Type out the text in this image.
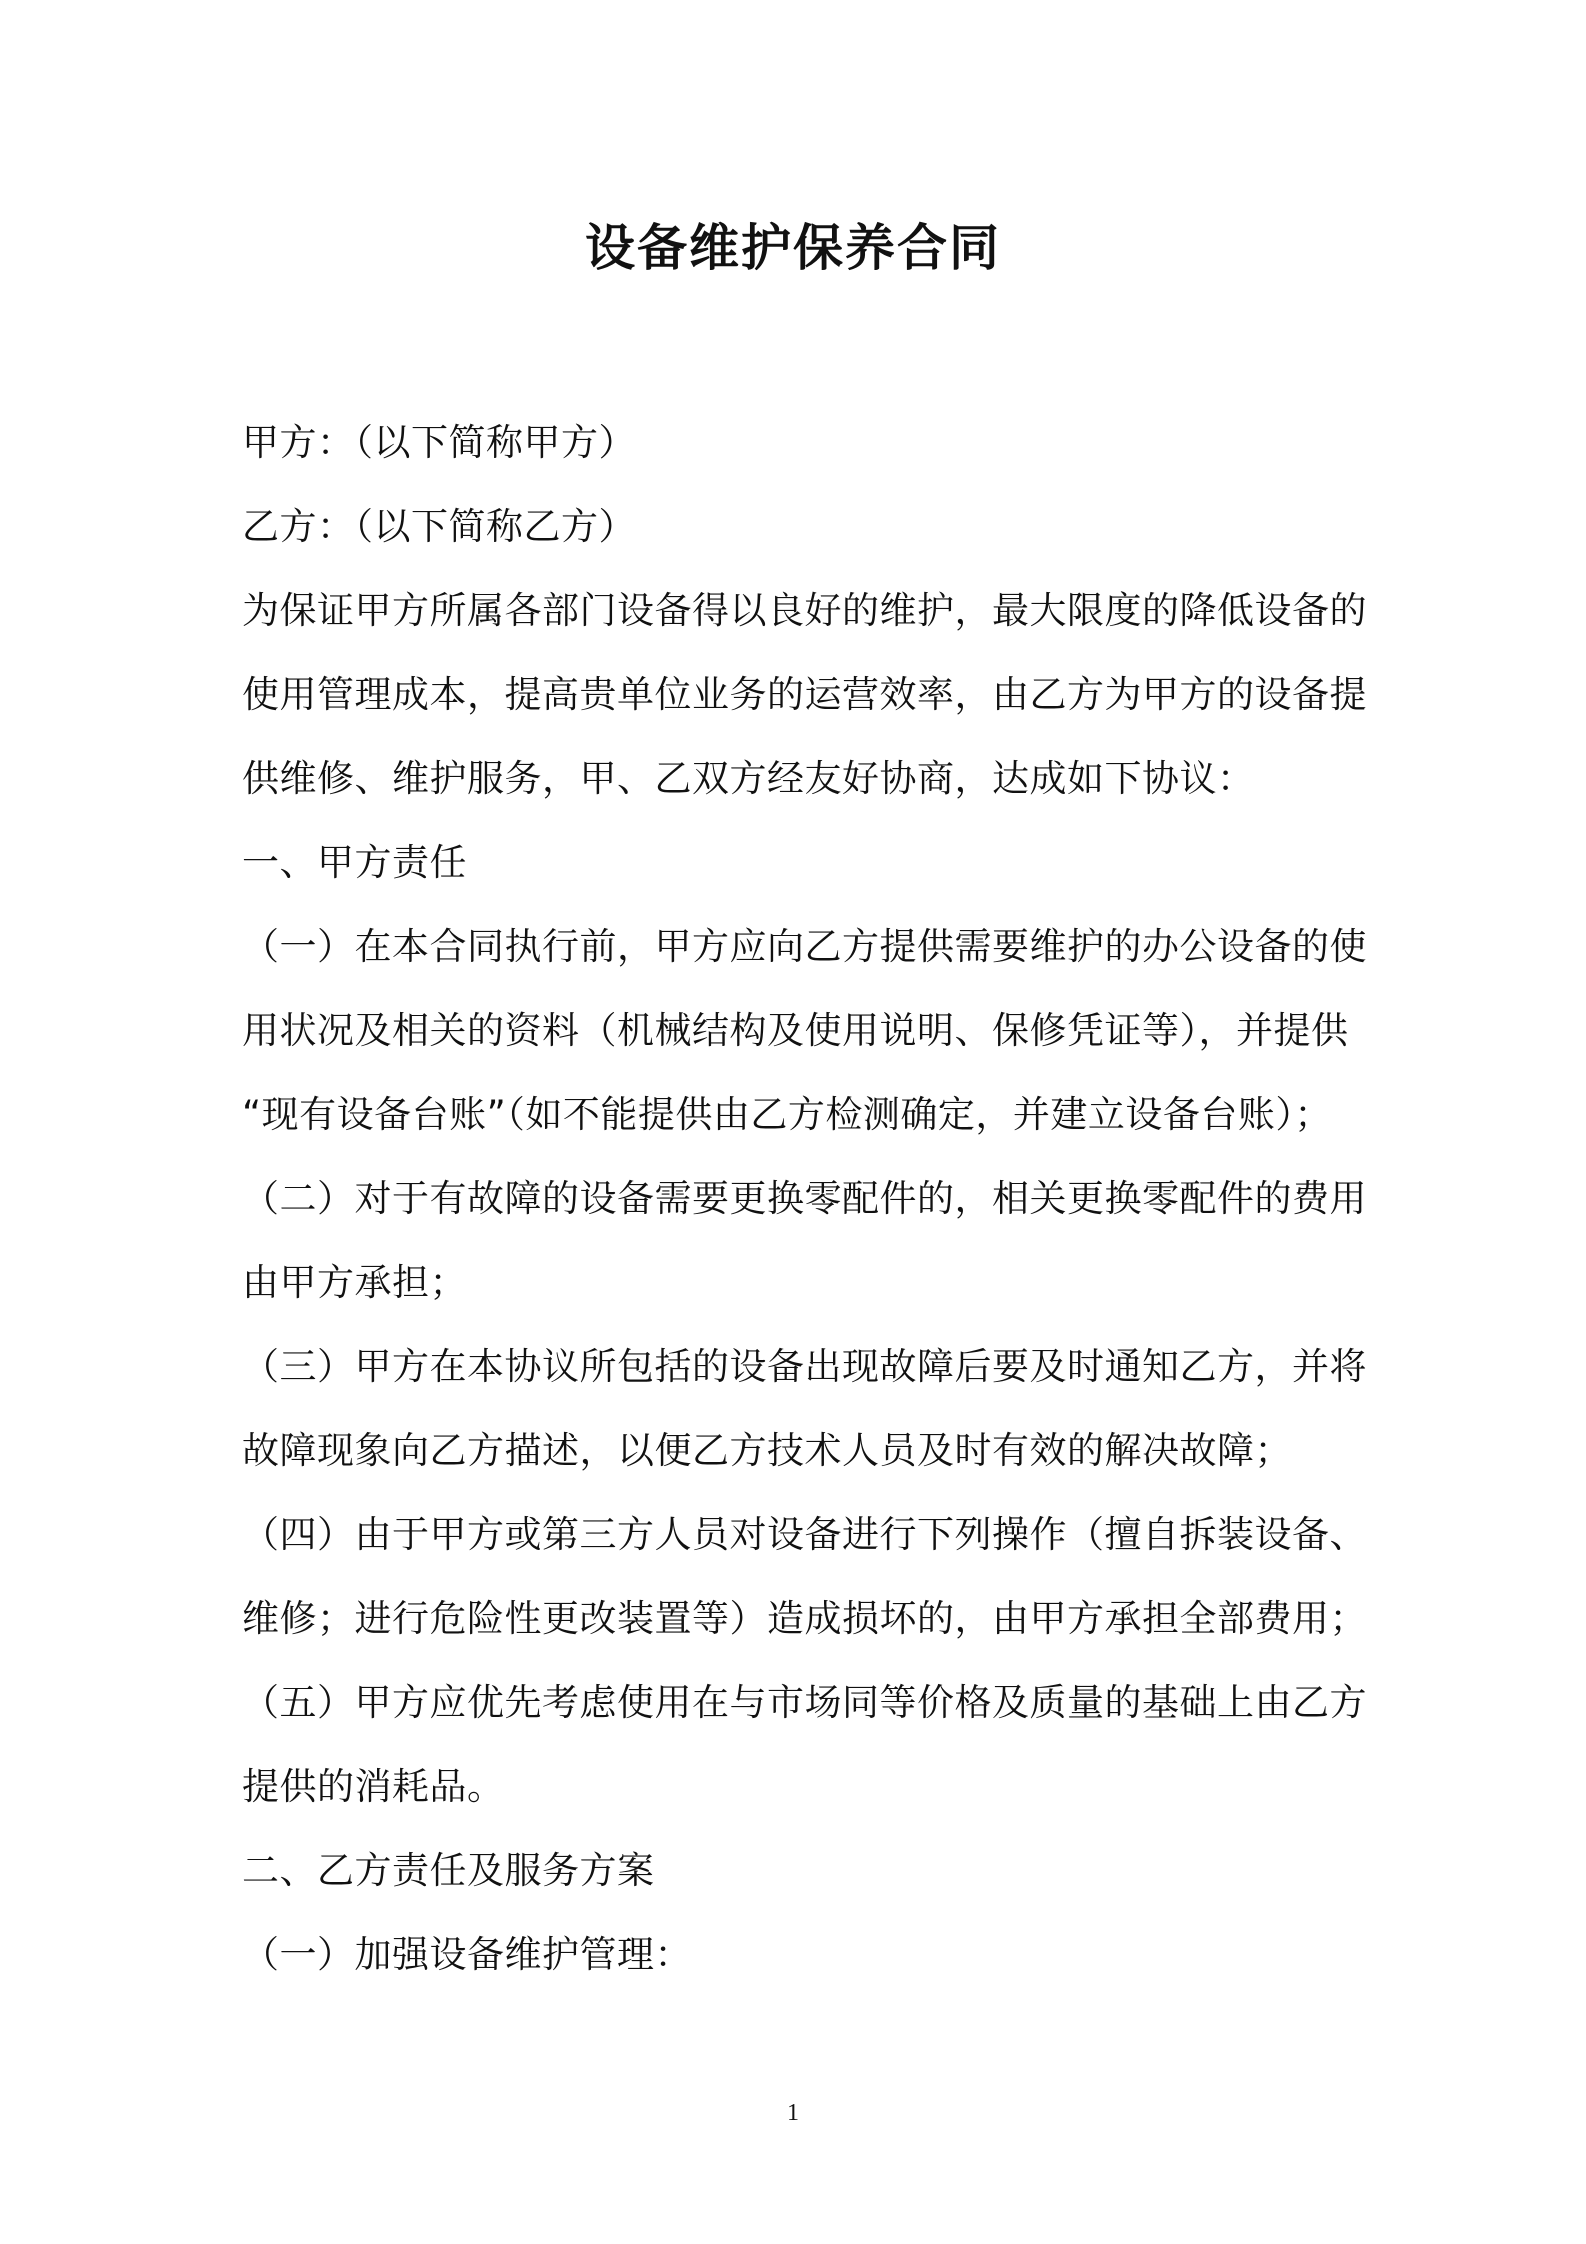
设备维护保养合同
甲方：（以下简称甲方）
乙方：（以下简称乙方）
为保证甲方所属各部门设备得以良好的维护，最大限度的降低设备的
使用管理成本，提高贵单位业务的运营效率，由乙方为甲方的设备提
供维修、维护服务，甲、乙双方经友好协商，达成如下协议：
一、甲方责任
（一）在本合同执行前，甲方应向乙方提供需要维护的办公设备的使
用状况及相关的资料（机械结构及使用说明、保修凭证等），并提供
“现有设备台账”（如不能提供由乙方检测确定，并建立设备台账）；
（二）对于有故障的设备需要更换零配件的，相关更换零配件的费用
由甲方承担；
（三）甲方在本协议所包括的设备出现故障后要及时通知乙方，并将
故障现象向乙方描述，以便乙方技术人员及时有效的解决故障；
（四）由于甲方或第三方人员对设备进行下列操作（擅自拆装设备、
维修；进行危险性更改装置等）造成损坏的，由甲方承担全部费用；
（五）甲方应优先考虑使用在与市场同等价格及质量的基础上由乙方
提供的消耗品。
二、乙方责任及服务方案
（一）加强设备维护管理：
1
